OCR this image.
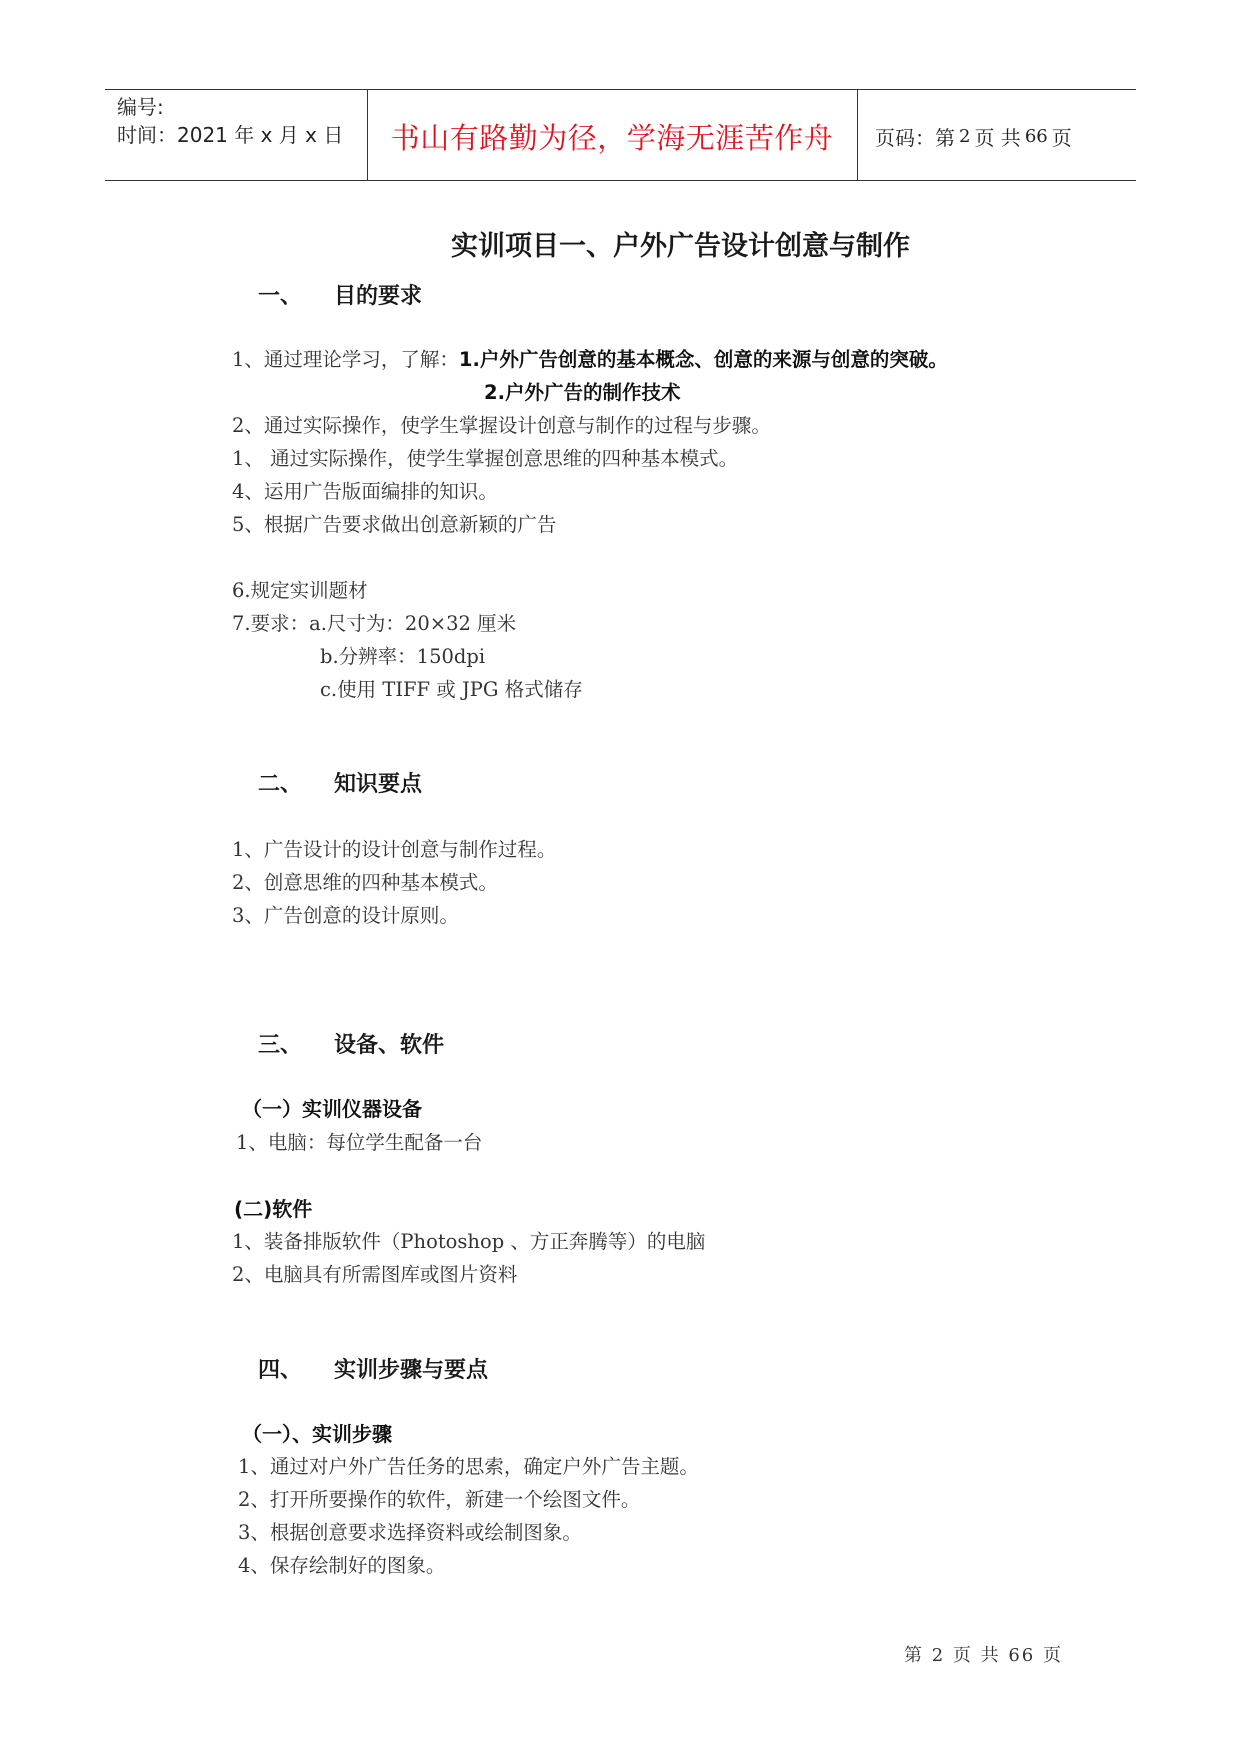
编号:
时间：2021 年 x 月 x 日	书山有路勤为径，学海无涯苦作舟	页码：第 2 页 共 66 页
实训项目一、户外广告设计创意与制作
一、 目的要求
1、通过理论学习，了解：1.户外广告创意的基本概念、创意的来源与创意的突破。
2.户外广告的制作技术
2、通过实际操作，使学生掌握设计创意与制作的过程与步骤。
1、 通过实际操作，使学生掌握创意思维的四种基本模式。
4、运用广告版面编排的知识。
5、根据广告要求做出创意新颖的广告
6.规定实训题材
7.要求：a.尺寸为：20×32 厘米
b.分辨率：150dpi
c.使用 TIFF 或 JPG 格式储存
二、 知识要点
1、广告设计的设计创意与制作过程。
2、创意思维的四种基本模式。
3、广告创意的设计原则。
三、 设备、软件
（一）实训仪器设备
1、电脑：每位学生配备一台
(二)软件
1、装备排版软件（Photoshop 、方正奔腾等）的电脑
2、电脑具有所需图库或图片资料
四、 实训步骤与要点
（一）、实训步骤
1、通过对户外广告任务的思索，确定户外广告主题。
2、打开所要操作的软件，新建一个绘图文件。
3、根据创意要求选择资料或绘制图象。
4、保存绘制好的图象。
第 2 页 共 66 页
